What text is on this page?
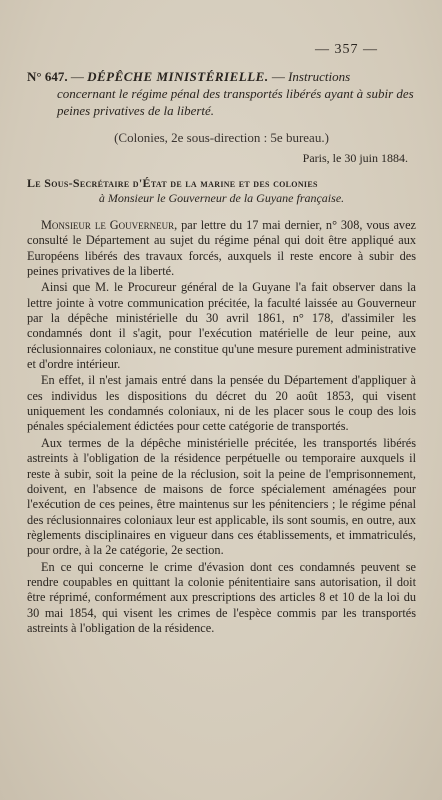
— 357 —

N° 647. — DÉPÊCHE MINISTÉRIELLE. — Instructions
concernant le régime pénal des transportés libérés ayant à subir des peines privatives de la liberté.

(Colonies, 2e sous-direction : 5e bureau.)
Paris, le 30 juin 1884.
Le Sous-Secrétaire d'État de la marine et des colonies
à Monsieur le Gouverneur de la Guyane française.

Monsieur le Gouverneur, par lettre du 17 mai dernier, n° 308, vous avez consulté le Département au sujet du régime pénal qui doit être appliqué aux Européens libérés des travaux forcés, auxquels il reste encore à subir des peines privatives de la liberté.

Ainsi que M. le Procureur général de la Guyane l'a fait observer dans la lettre jointe à votre communication précitée, la faculté laissée au Gouverneur par la dépêche ministérielle du 30 avril 1861, n° 178, d'assimiler les condamnés dont il s'agit, pour l'exécution matérielle de leur peine, aux réclusionnaires coloniaux, ne constitue qu'une mesure purement administrative et d'ordre intérieur.

En effet, il n'est jamais entré dans la pensée du Département d'appliquer à ces individus les dispositions du décret du 20 août 1853, qui visent uniquement les condamnés coloniaux, ni de les placer sous le coup des lois pénales spécialement édictées pour cette catégorie de transportés.

Aux termes de la dépêche ministérielle précitée, les transportés libérés astreints à l'obligation de la résidence perpétuelle ou temporaire auxquels il reste à subir, soit la peine de la réclusion, soit la peine de l'emprisonnement, doivent, en l'absence de maisons de force spécialement aménagées pour l'exécution de ces peines, être maintenus sur les pénitenciers ; le régime pénal des réclusionnaires coloniaux leur est applicable, ils sont soumis, en outre, aux règlements disciplinaires en vigueur dans ces établissements, et immatriculés, pour ordre, à la 2e catégorie, 2e section.

En ce qui concerne le crime d'évasion dont ces condamnés peuvent se rendre coupables en quittant la colonie pénitentiaire sans autorisation, il doit être réprimé, conformément aux prescriptions des articles 8 et 10 de la loi du 30 mai 1854, qui visent les crimes de l'espèce commis par les transportés astreints à l'obligation de la résidence.
